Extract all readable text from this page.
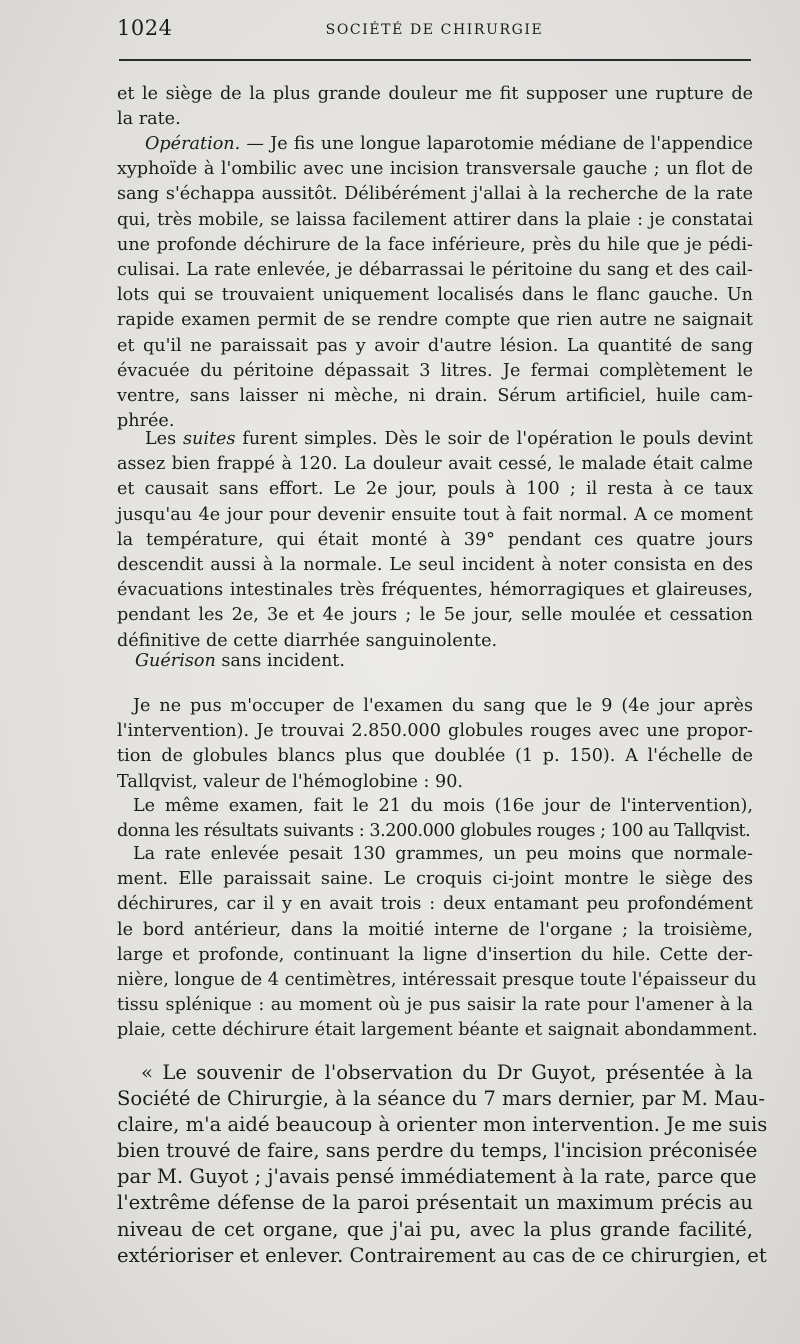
1024	SOCIÉTÉ DE CHIRURGIE
et le siège de la plus grande douleur me fit supposer une rupture de
la rate.
Opération. — Je fis une longue laparotomie médiane de l'appendice
xyphoïde à l'ombilic avec une incision transversale gauche ; un flot de
sang s'échappa aussitôt. Délibérément j'allai à la recherche de la rate
qui, très mobile, se laissa facilement attirer dans la plaie : je constatai
une profonde déchirure de la face inférieure, près du hile que je pédi-
culisai. La rate enlevée, je débarrassai le péritoine du sang et des cail-
lots qui se trouvaient uniquement localisés dans le flanc gauche. Un
rapide examen permit de se rendre compte que rien autre ne saignait
et qu'il ne paraissait pas y avoir d'autre lésion. La quantité de sang
évacuée du péritoine dépassait 3 litres. Je fermai complètement le
ventre, sans laisser ni mèche, ni drain. Sérum artificiel, huile cam-
phrée.
Les suites furent simples. Dès le soir de l'opération le pouls devint
assez bien frappé à 120. La douleur avait cessé, le malade était calme
et causait sans effort. Le 2e jour, pouls à 100 ; il resta à ce taux
jusqu'au 4e jour pour devenir ensuite tout à fait normal. A ce moment
la température, qui était monté à 39° pendant ces quatre jours
descendit aussi à la normale. Le seul incident à noter consista en des
évacuations intestinales très fréquentes, hémorragiques et glaireuses,
pendant les 2e, 3e et 4e jours ; le 5e jour, selle moulée et cessation
définitive de cette diarrhée sanguinolente.
Guérison sans incident.
Je ne pus m'occuper de l'examen du sang que le 9 (4e jour après
l'intervention). Je trouvai 2.850.000 globules rouges avec une propor-
tion de globules blancs plus que doublée (1 p. 150). A l'échelle de
Tallqvist, valeur de l'hémoglobine : 90.
Le même examen, fait le 21 du mois (16e jour de l'intervention),
donna les résultats suivants : 3.200.000 globules rouges ; 100 au Tallqvist.
La rate enlevée pesait 130 grammes, un peu moins que normale-
ment. Elle paraissait saine. Le croquis ci-joint montre le siège des
déchirures, car il y en avait trois : deux entamant peu profondément
le bord antérieur, dans la moitié interne de l'organe ; la troisième,
large et profonde, continuant la ligne d'insertion du hile. Cette der-
nière, longue de 4 centimètres, intéressait presque toute l'épaisseur du
tissu splénique : au moment où je pus saisir la rate pour l'amener à la
plaie, cette déchirure était largement béante et saignait abondamment.
« Le souvenir de l'observation du Dr Guyot, présentée à la
Société de Chirurgie, à la séance du 7 mars dernier, par M. Mau-
claire, m'a aidé beaucoup à orienter mon intervention. Je me suis
bien trouvé de faire, sans perdre du temps, l'incision préconisée
par M. Guyot ; j'avais pensé immédiatement à la rate, parce que
l'extrême défense de la paroi présentait un maximum précis au
niveau de cet organe, que j'ai pu, avec la plus grande facilité,
extérioriser et enlever. Contrairement au cas de ce chirurgien, et
